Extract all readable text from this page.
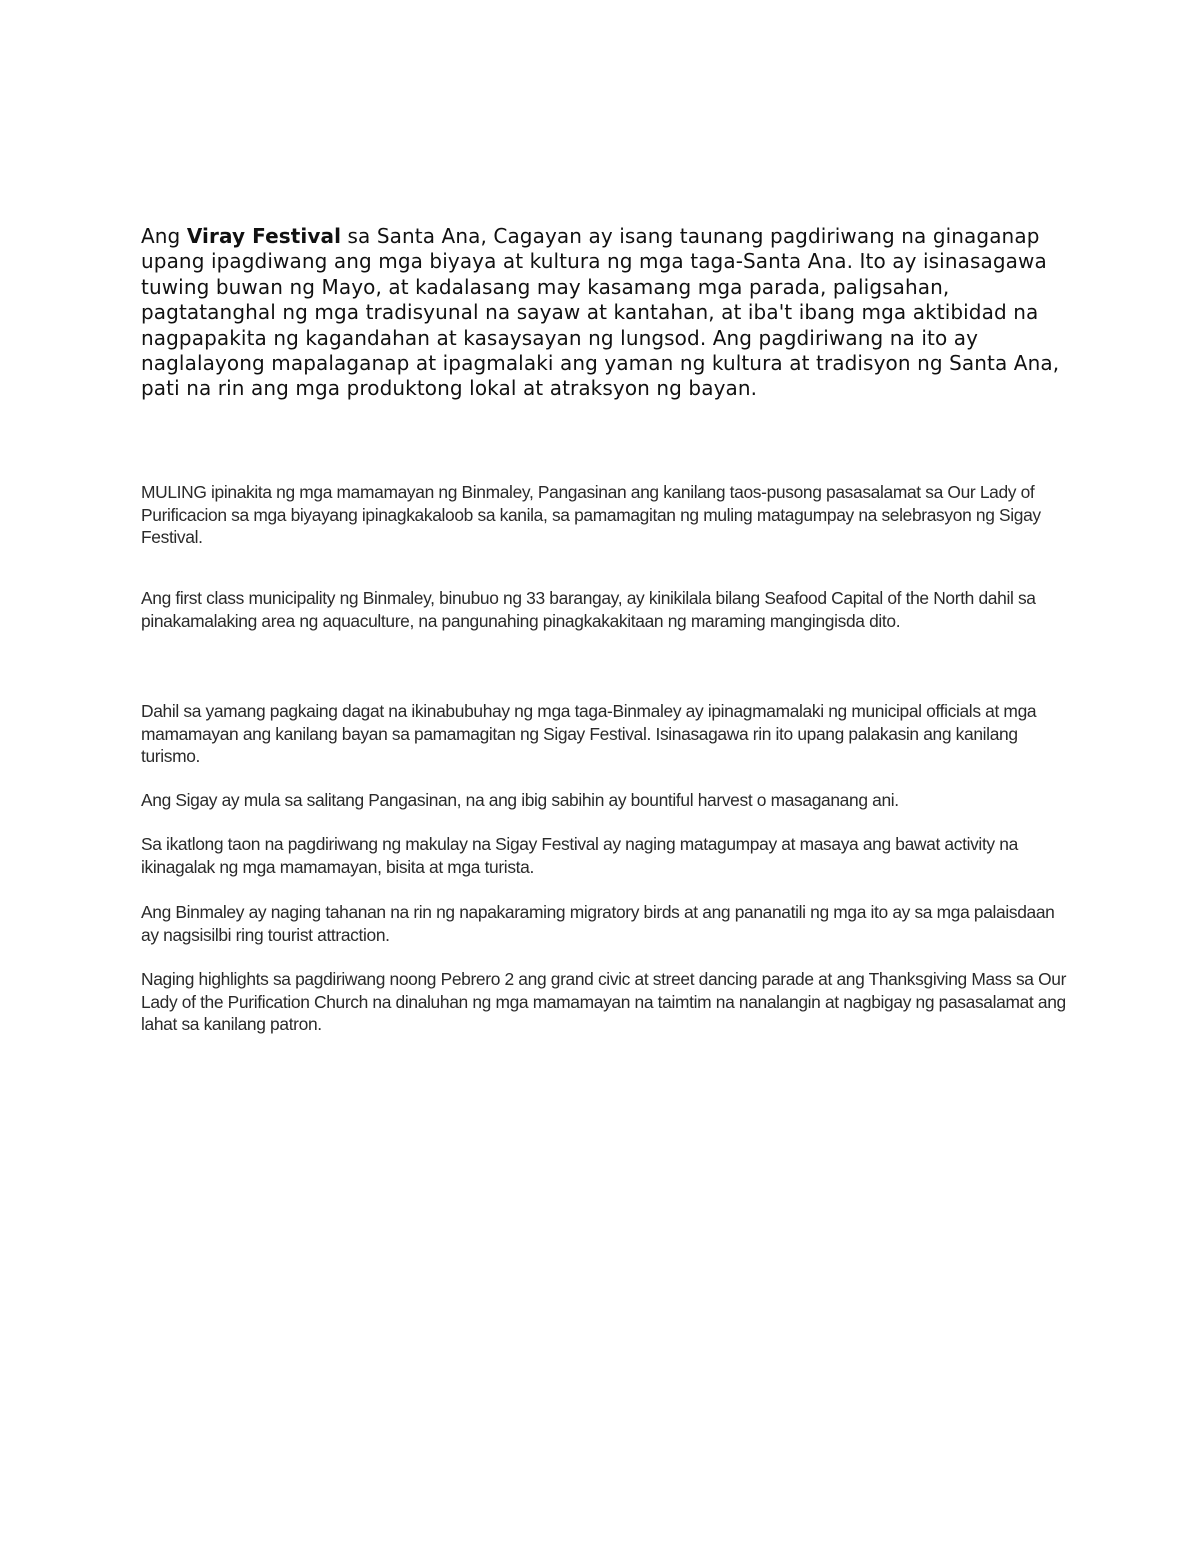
Ang Viray Festival sa Santa Ana, Cagayan ay isang taunang pagdiriwang na ginaganap upang ipagdiwang ang mga biyaya at kultura ng mga taga-Santa Ana. Ito ay isinasagawa tuwing buwan ng Mayo, at kadalasang may kasamang mga parada, paligsahan, pagtatanghal ng mga tradisyunal na sayaw at kantahan, at iba't ibang mga aktibidad na nagpapakita ng kagandahan at kasaysayan ng lungsod. Ang pagdiriwang na ito ay naglalayong mapalaganap at ipagmalaki ang yaman ng kultura at tradisyon ng Santa Ana, pati na rin ang mga produktong lokal at atraksyon ng bayan.

MULING ipinakita ng mga mamamayan ng Binmaley, Pangasinan ang kanilang taos-pusong pasasalamat sa Our Lady of Purificacion sa mga biyayang ipinagkakaloob sa kanila, sa pamamagitan ng muling matagumpay na selebrasyon ng Sigay Festival.

Ang first class municipality ng Binmaley, binubuo ng 33 barangay, ay kinikilala bilang Seafood Capital of the North dahil sa pinakamalaking area ng aquaculture, na pangunahing pinagkakakitaan ng maraming mangingisda dito.

Dahil sa yamang pagkaing dagat na ikinabubuhay ng mga taga-Binmaley ay ipinagmamalaki ng municipal officials at mga mamamayan ang kanilang bayan sa pamamagitan ng Sigay Festival. Isinasagawa rin ito upang palakasin ang kanilang turismo.

Ang Sigay ay mula sa salitang Pangasinan, na ang ibig sabihin ay bountiful harvest o masaganang ani.

Sa ikatlong taon na pagdiriwang ng makulay na Sigay Festival ay naging matagumpay at masaya ang bawat activity na ikinagalak ng mga mamamayan, bisita at mga turista.

Ang Binmaley ay naging tahanan na rin ng napakaraming migratory birds at ang pananatili ng mga ito ay sa mga palaisdaan ay nagsisilbi ring tourist attraction.

Naging highlights sa pagdiriwang noong Pebrero 2 ang grand civic at street dancing parade at ang Thanksgiving Mass sa Our Lady of the Purification Church na dinaluhan ng mga mamamayan na taimtim na nanalangin at nagbigay ng pasasalamat ang lahat sa kanilang patron.
